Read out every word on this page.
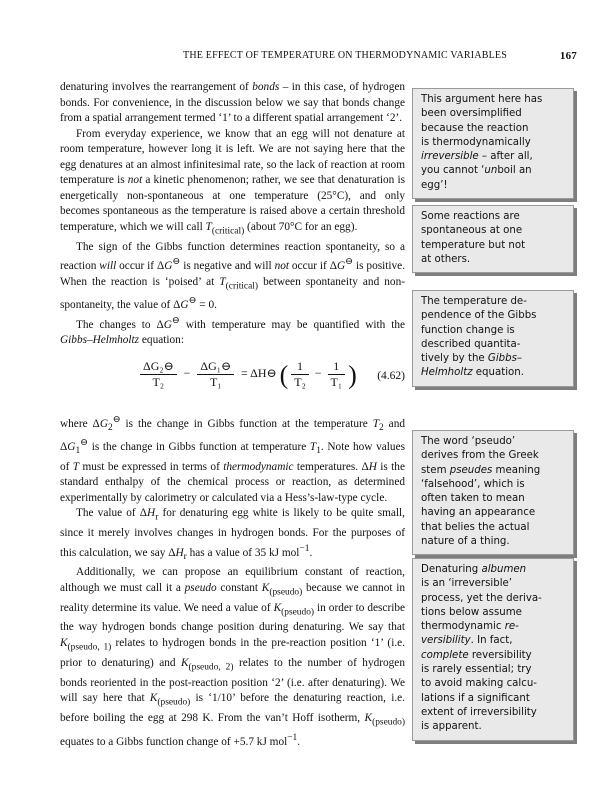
THE EFFECT OF TEMPERATURE ON THERMODYNAMIC VARIABLES	167

denaturing involves the rearrangement of bonds – in this case, of hydrogen bonds. For convenience, in the discussion below we say that bonds change from a spatial arrangement termed ‘1’ to a different spatial arrangement ‘2’.

From everyday experience, we know that an egg will not denature at room temperature, however long it is left. We are not saying here that the egg denatures at an almost infinitesimal rate, so the lack of reaction at room temperature is not a kinetic phenomenon; rather, we see that denaturation is energetically non-spontaneous at one temperature (25°C), and only becomes spontaneous as the temperature is raised above a certain threshold temperature, which we will call $T_{(critical)}$ (about 70°C for an egg).

The sign of the Gibbs function determines reaction spontaneity, so a reaction will occur if ΔG⊖ is negative and will not occur if ΔG⊖ is positive. When the reaction is ‘poised’ at $T_{(critical)}$ between spontaneity and non-spontaneity, the value of ΔG⊖ = 0.

The changes to ΔG⊖ with temperature may be quantified with the Gibbs–Helmholtz equation:

$\frac{\text{ΔG₂⊖}}{\text{T₂}} - \frac{\text{ΔG₁⊖}}{\text{T₁}}$ = ΔH⊖ ( $\frac{1}{\text{T₂}} - \frac{1}{\text{T₁}}$ ) (4.62)

where $\Delta G_2^⊖$ is the change in Gibbs function at the temperature $T_2$ and $\Delta G_1^⊖$ is the change in Gibbs function at temperature $T_1$. Note how values of T must be expressed in terms of thermodynamic temperatures. ΔH is the standard enthalpy of the chemical process or reaction, as determined experimentally by calorimetry or calculated via a Hess’s-law-type cycle.

The value of $\Delta H_r$ for denaturing egg white is likely to be quite small, since it merely involves changes in hydrogen bonds. For the purposes of this calculation, we say $\Delta H_r$ has a value of 35 kJ mol$^{-1}$.

Additionally, we can propose an equilibrium constant of reaction, although we must call it a pseudo constant $K_{(pseudo)}$ because we cannot in reality determine its value. We need a value of $K_{(pseudo)}$ in order to describe the way hydrogen bonds change position during denaturing. We say that $K_{(pseudo, 1)}$ relates to hydrogen bonds in the pre-reaction position ‘1’ (i.e. prior to denaturing) and $K_{(pseudo, 2)}$ relates to the number of hydrogen bonds reoriented in the post-reaction position ‘2’ (i.e. after denaturing). We will say here that $K_{(pseudo)}$ is ‘1/10’ before the denaturing reaction, i.e. before boiling the egg at 298 K. From the van’t Hoff isotherm, $K_{(pseudo)}$ equates to a Gibbs function change of +5.7 kJ mol$^{-1}$.

This argument here has
been oversimplified
because the reaction
is thermodynamically
irreversible – after all,
you cannot ‘unboil an
egg’!
Some reactions are
spontaneous at one
temperature but not
at others.
The temperature de-
pendence of the Gibbs
function change is
described quantita-
tively by the Gibbs–
Helmholtz equation.
The word ‘pseudo’
derives from the Greek
stem pseudes meaning
‘falsehood’, which is
often taken to mean
having an appearance
that belies the actual
nature of a thing.
Denaturing albumen
is an ‘irreversible’
process, yet the deriva-
tions below assume
thermodynamic re-
versibility. In fact,
complete reversibility
is rarely essential; try
to avoid making calcu-
lations if a significant
extent of irreversibility
is apparent.
